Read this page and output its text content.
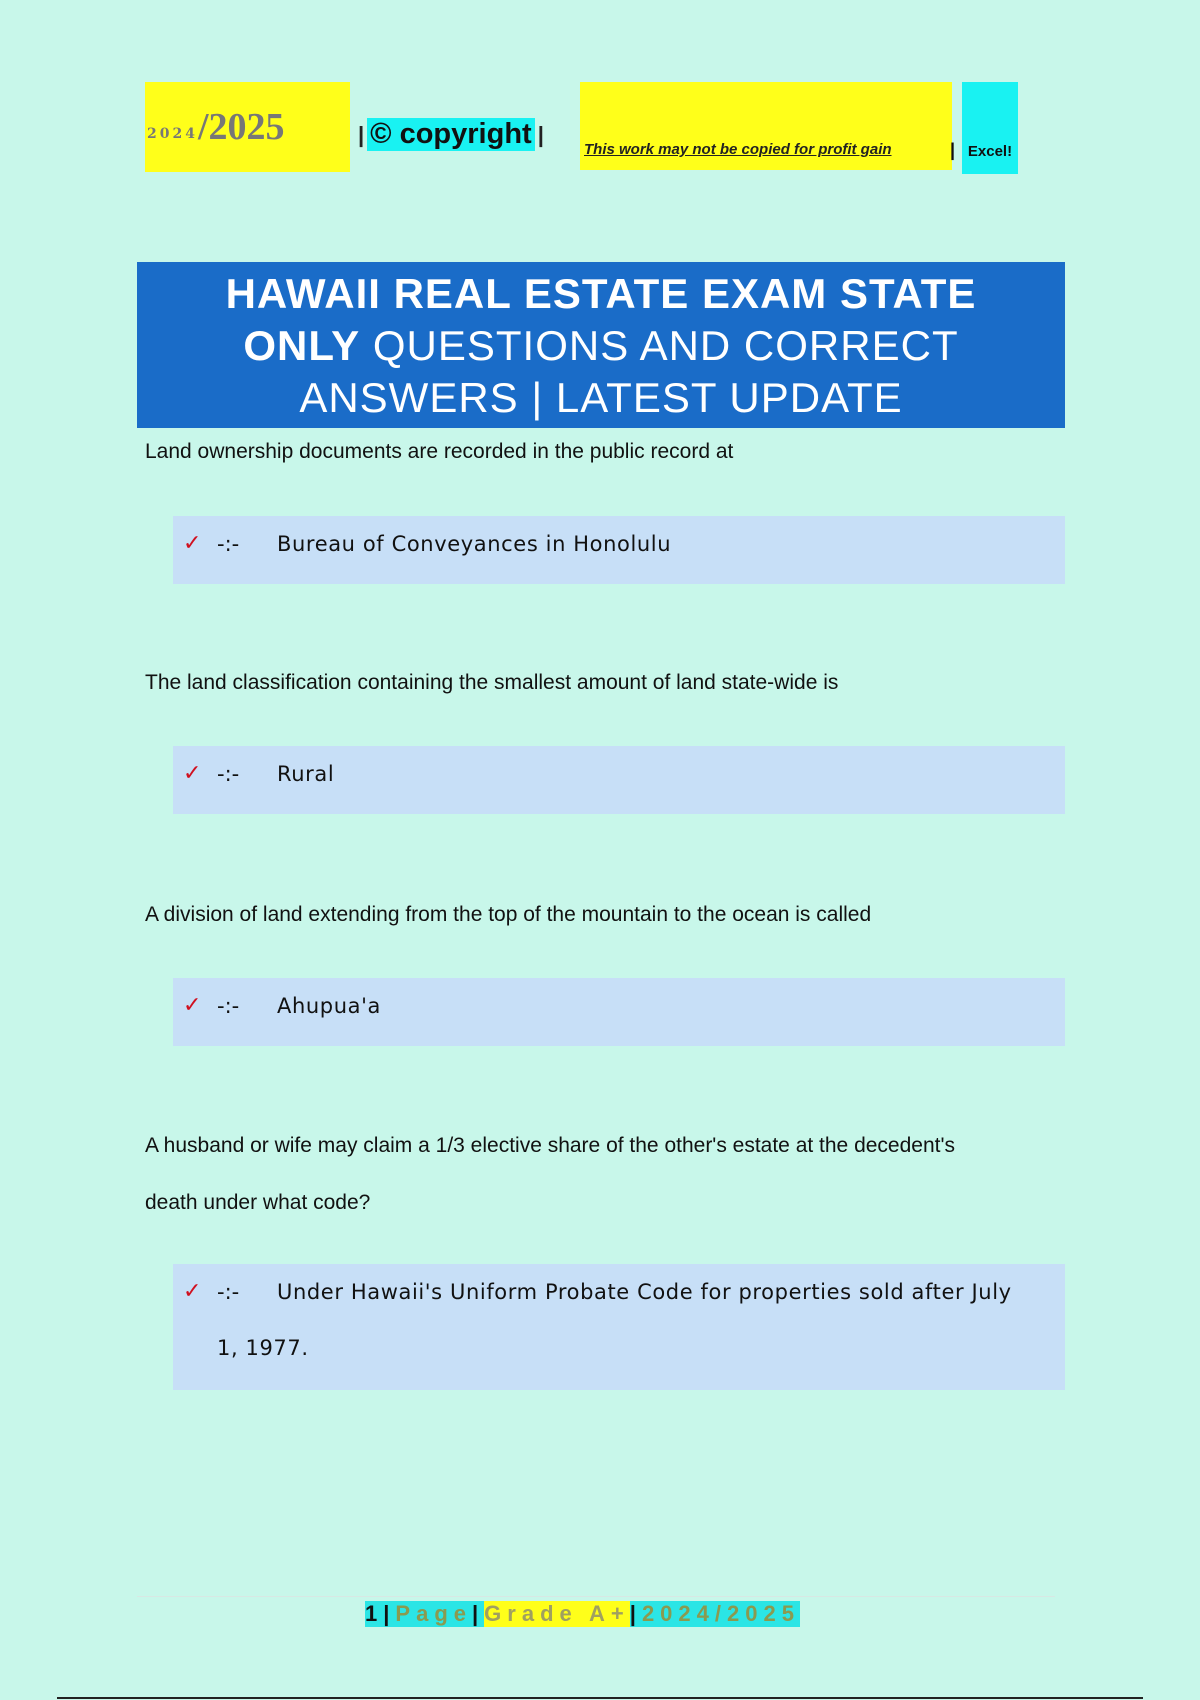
2024 /2025	| © copyright |
This work may not be copied for profit gain	| Excel!
HAWAII REAL ESTATE EXAM STATE
ONLY QUESTIONS AND CORRECT
ANSWERS | LATEST UPDATE
Land ownership documents are recorded in the public record at
✓ -:-	Bureau of Conveyances in Honolulu
The land classification containing the smallest amount of land state-wide is
✓ -:-	Rural
A division of land extending from the top of the mountain to the ocean is called
✓ -:-	Ahupua'a
A husband or wife may claim a 1/3 elective share of the other's estate at the decedent's
death under what code?
✓ -:-	Under Hawaii's Uniform Probate Code for properties sold after July
1, 1977.
1 | Page | Grade A+ | 2024/2025
